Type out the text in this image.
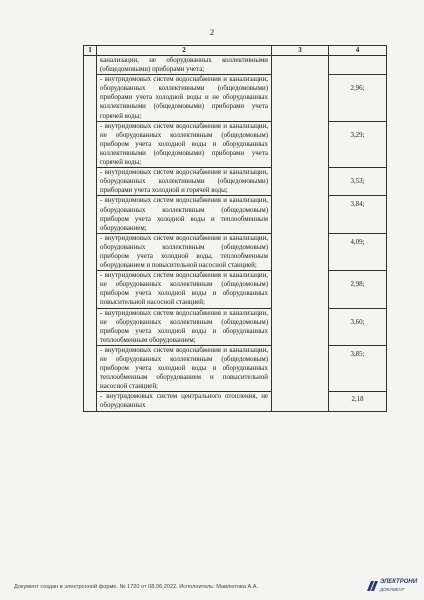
2
1	2	3	4

	канализации, не оборудованных коллективными (общедомовыми) приборами учета;		

	- внутридомовых систем водоснабжения и канализации, оборудованных коллективными (общедомовыми) приборами учета холодной воды и не оборудованных коллективными (общедомовыми) приборами учета горячей воды;		2,96;

	- внутридомовых систем водоснабжения и канализации, не оборудованных коллективным (общедомовым) прибором учета холодной воды и оборудованных коллективными (общедомовыми) приборами учета горячей воды;		3,29;

	- внутридомовых систем водоснабжения и канализации, оборудованных коллективными (общедомовыми) приборами учета холодной и горячей воды;		3,53;

	- внутридомовых систем водоснабжения и канализации, оборудованных коллективным (общедомовым) прибором учета холодной воды и теплообменным оборудованием;		3,84;

	- внутридомовых систем водоснабжения и канализации, оборудованных коллективным (общедомовым) прибором учета холодной воды, теплообменным оборудованием и повысительной насосной станцией;		4,09;

	- внутридомовых систем водоснабжения и канализации, не оборудованных коллективным (общедомовым) прибором учета холодной воды и оборудованных повысительной насосной станцией;		2,98;

	- внутридомовых систем водоснабжения и канализации, не оборудованных коллективным (общедомовым) прибором учета холодной воды и оборудованных теплообменным оборудованием;		3,60;

	- внутридомовых систем водоснабжения и канализации, не оборудованных коллективным (общедомовым) прибором учета холодной воды и оборудованных теплообменным оборудованием и повысительной насосной станцией;		3,85;

	- внутридомовых систем центрального отопления, не оборудованных		2,18
Документ создан в электронной форме. № 1720 от 08.06.2022. Исполнитель: Мавлютова А.А.
ЭЛЕКТРОНИ
ДОКУМЕНТ
